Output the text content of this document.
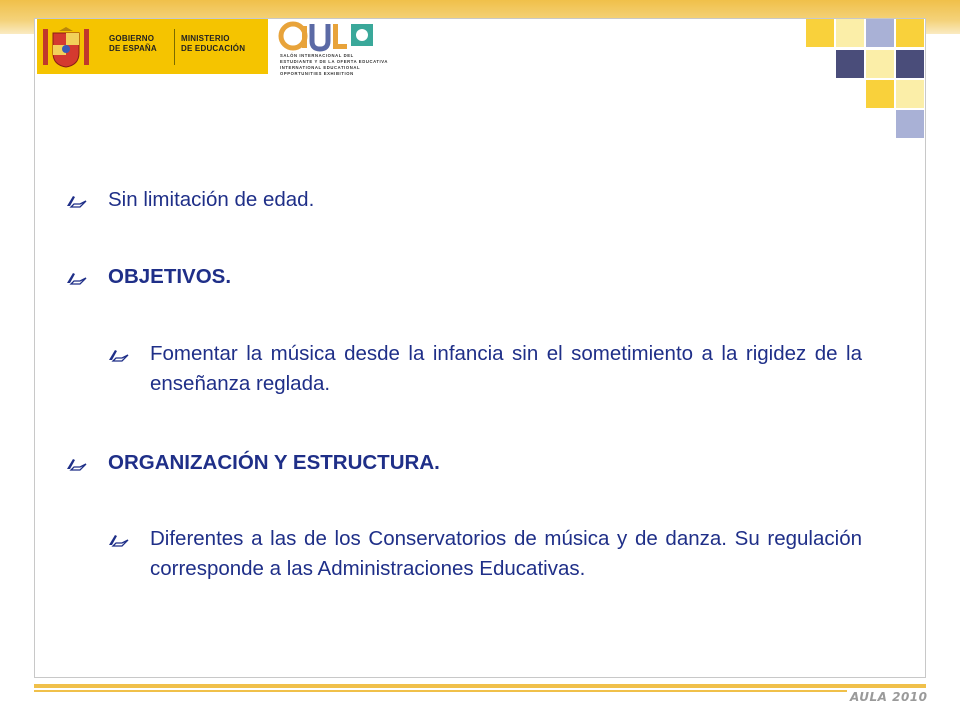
GOBIERNO
DE ESPAÑA
MINISTERIO
DE EDUCACIÓN
SALÓN INTERNACIONAL DEL
ESTUDIANTE Y DE LA OFERTA EDUCATIVA
INTERNATIONAL EDUCATIONAL
OPPORTUNITIES EXHIBITION
Sin limitación de edad.
OBJETIVOS.
Fomentar la música desde la infancia sin el sometimiento a la rigidez de la enseñanza reglada.
ORGANIZACIÓN Y ESTRUCTURA.
Diferentes a las de los Conservatorios de música y de danza. Su regulación corresponde a las Administraciones Educativas.
AULA 2010
